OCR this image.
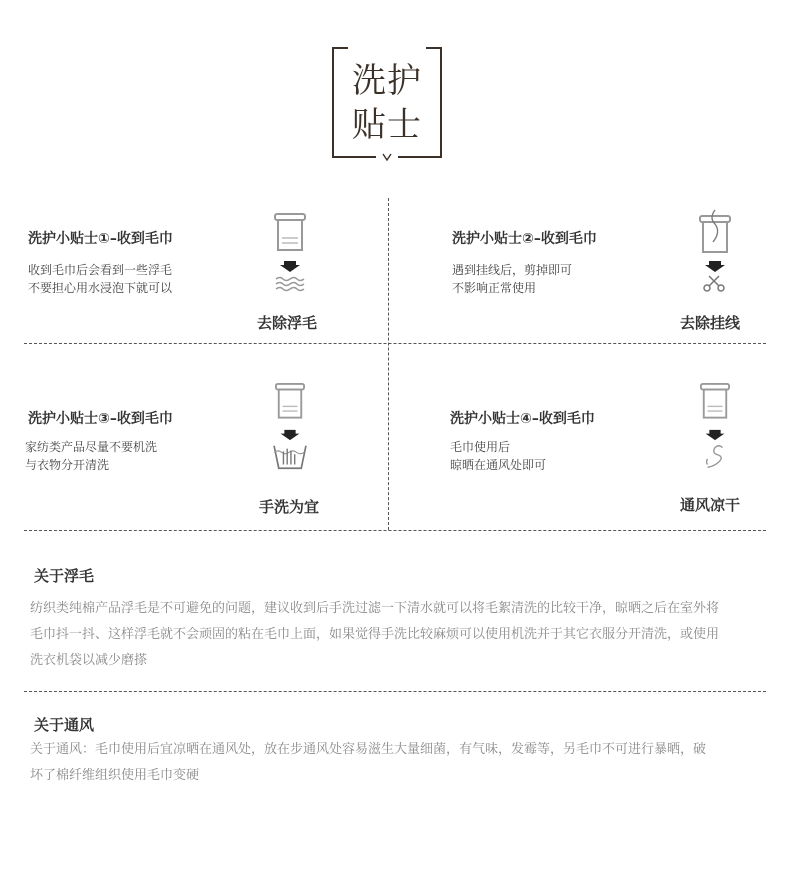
洗护
贴士
洗护小贴士①–收到毛巾
收到毛巾后会看到一些浮毛
不要担心用水浸泡下就可以
去除浮毛
洗护小贴士②–收到毛巾
遇到挂线后，剪掉即可
不影响正常使用
去除挂线
洗护小贴士③–收到毛巾
家纺类产品尽量不要机洗
与衣物分开清洗
手洗为宜
洗护小贴士④–收到毛巾
毛巾使用后
晾晒在通风处即可
通风凉干
关于浮毛
纺织类纯棉产品浮毛是不可避免的问题，建议收到后手洗过滤一下清水就可以将毛絮清洗的比较干净，晾晒之后在室外将
毛巾抖一抖、这样浮毛就不会顽固的粘在毛巾上面，如果觉得手洗比较麻烦可以使用机洗并于其它衣服分开清洗，或使用
洗衣机袋以减少磨搽
关于通风
关于通风：毛巾使用后宜凉晒在通风处，放在步通风处容易滋生大量细菌，有气味，发霉等，另毛巾不可进行暴晒，破
坏了棉纤维组织使用毛巾变硬
